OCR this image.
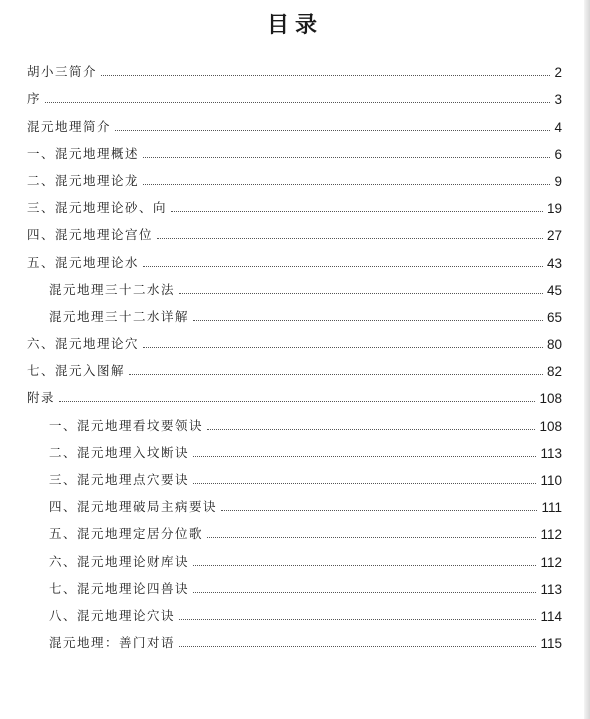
目录
胡小三简介	2
序	3
混元地理简介	4
一、混元地理概述	6
二、混元地理论龙	9
三、混元地理论砂、向	19
四、混元地理论宫位	27
五、混元地理论水	43
混元地理三十二水法	45
混元地理三十二水详解	65
六、混元地理论穴	80
七、混元入图解	82
附录	108
一、混元地理看坟要领诀	108
二、混元地理入坟断诀	113
三、混元地理点穴要诀	110
四、混元地理破局主病要诀	111
五、混元地理定居分位歌	112
六、混元地理论财库诀	112
七、混元地理论四兽诀	113
八、混元地理论穴诀	114
混元地理：善门对语	115
